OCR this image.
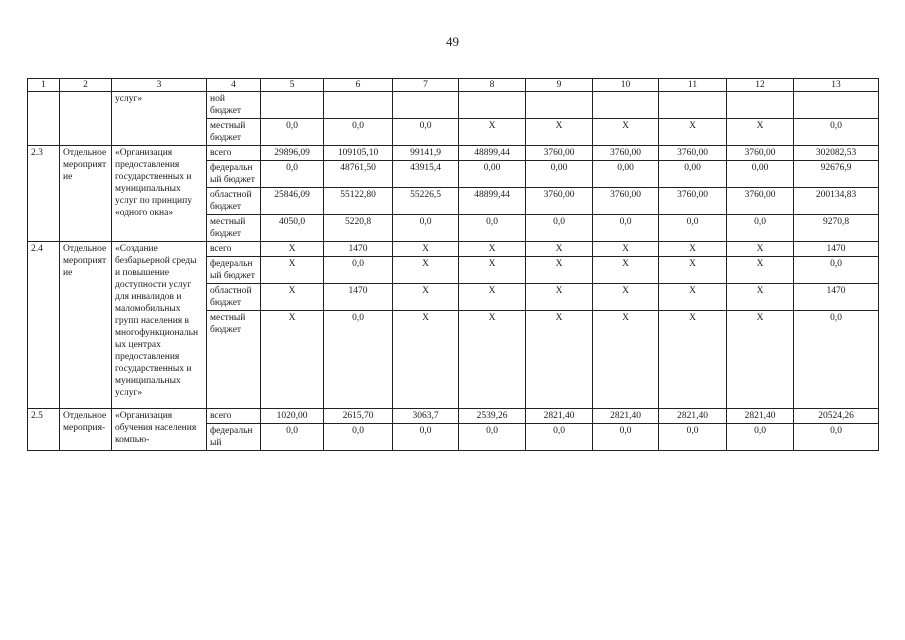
49
1	2	3	4	5	6	7	8	9	10	11	12	13
		услуг»	ной бюджет									
			местный бюджет	0,0	0,0	0,0	Х	Х	Х	Х	Х	0,0
2.3	Отдельное мероприятие	«Организация предоставления государственных и муниципальных услуг по принципу «одного окна»	всего	29896,09	109105,10	99141,9	48899,44	3760,00	3760,00	3760,00	3760,00	302082,53
			федеральный бюджет	0,0	48761,50	43915,4	0,00	0,00	0,00	0,00	0,00	92676,9
			областной бюджет	25846,09	55122,80	55226,5	48899,44	3760,00	3760,00	3760,00	3760,00	200134,83
			местный бюджет	4050,0	5220,8	0,0	0,0	0,0	0,0	0,0	0,0	9270,8
2.4	Отдельное мероприятие	«Создание безбарьерной среды и повышение доступности услуг для инвалидов и маломобильных групп населения в многофункциональных центрах предоставления государственных и муниципальных услуг»	всего	Х	1470	Х	Х	Х	Х	Х	Х	1470
			федеральный бюджет	Х	0,0	Х	Х	Х	Х	Х	Х	0,0
			областной бюджет	Х	1470	Х	Х	Х	Х	Х	Х	1470
			местный бюджет	Х	0,0	Х	Х	Х	Х	Х	Х	0,0
2.5	Отдельное мероприя-	«Организация обучения населения компью-	всего	1020,00	2615,70	3063,7	2539,26	2821,40	2821,40	2821,40	2821,40	20524,26
			федеральный	0,0	0,0	0,0	0,0	0,0	0,0	0,0	0,0	0,0
